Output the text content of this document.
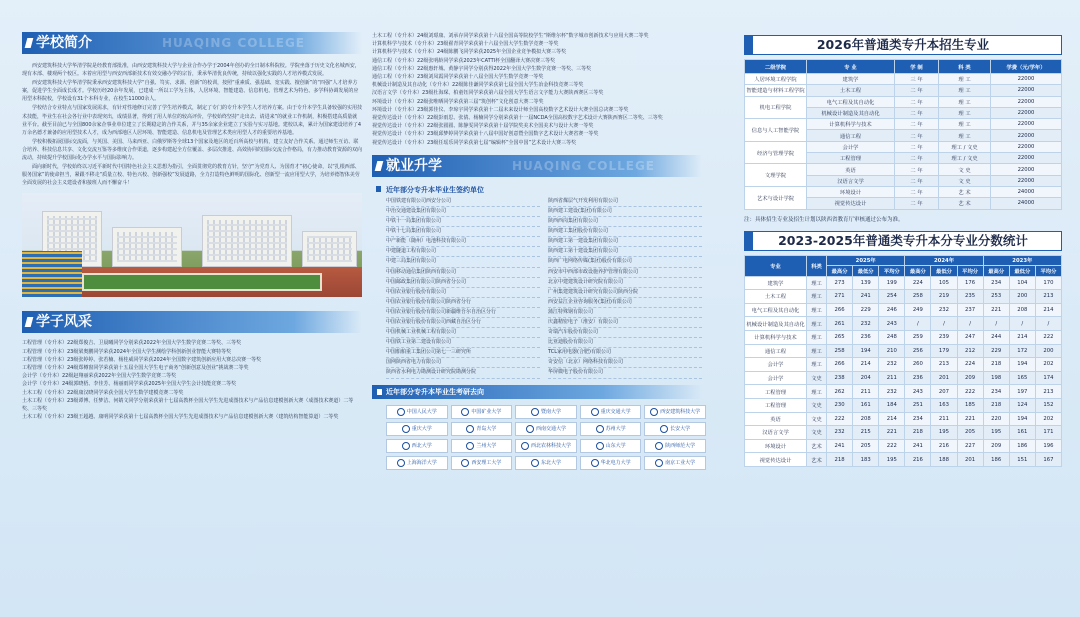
学校简介	HUAQING COLLEGE

西安建筑科技大学华清学院是经教育部批准，由西安建筑科技大学与企业合作办学于2004年创办的全日制本科院校。学院坐落于历史文化名城西安，现有本部、楼观两个校区。本着应用型与西安西部新技术有效交融办学的宗旨，秉承华清优良传统，持续以强化实践的人才培养模式发展。

西安建筑科技大学华清学院秉承西安建筑科技大学“自强、笃实、求源、创新”的校训，按照“重素质、强基础、宽实践、擅创新”的“四强”人才培养方案，促进学生全面成长成才。学校历经20余年发展，已建成一所以工学为主体，人居环境、智能建造、信息机电、管理艺术为特色、多学科协调发展的应用型本科院校，学校设有31个本科专业，在校生11000余人。

学校结合专业特点与国家发展需求，有针对性地修订完善了学生培养模式，制定了专门的专升本学生人才培养方案。由于专升本学生具备较强的实用技术技能，毕业生在社会各行业中表现突出，成绩显著，得到了用人单位的较高评价，学校始终坚持“走出去、请进来”的就业工作机制，积极搭建高质量就业平台。截至目前已与全国800余家企事业单位建立了长期稳定的合作关系，并与35余家企业建立了实验与实习基地。建校以来，累计为国家建设培养了4万余名德才兼备的应用型技术人才，成为西部地区人居环境、智能建造、信息机电及管理艺术类应用型人才的重要培养基地。

学校积极拓展国际交流面，与英国、美国、马来西亚、白俄罗斯等全球13个国家及地区的近百所高校与机构，建立友好合作关系。通过师生互访、联合培养、科技信息共享、文化交流互鉴等多维度合作渠道，逐步构建起全方位覆盖、多层次推进、高效协同的国际交流合作格局，有力推动教育资源的双向流动，持续提升学校国际化办学水平与国际影响力。

面向新时代，学校始终以习近平新时代中国特色社会主义思想为指引，全面贯彻党的教育方针，坚守“为党育人、为国育才”初心使命，以“扎根西部、服务国家”的使命担当，紧跟不移走“质量立校、特色兴校、创新强校”发展道路，全力打造特色鲜明的国际化、创新型一流应用型大学，为培养德智体美劳全面发展的社会主义建设者和接班人而不懈奋斗！

学子风采

工程管理（专升本）22级郑俊吉、卫晨曦同学分别荣获2022年全国大学生数学竞赛二等奖、三等奖

工程管理（专升本）23级梁奥鹏同学荣获2024年全国大学生测绘学科创新创业智能大赛特等奖

工程管理（专升本）23级张婷婷、张若楠、杨桂威同学荣获2024年全国数字建筑创新应用大赛总决赛一等奖

工程管理（专升本）24级郑樽窗同学荣获第十五届全国大学生电子商务“创新创意及创业”挑战赛二等奖

会计学（专升本）22级赵翔丽荣获2022年全国大学生数学竞赛二等奖

会计学（专升本）24级郭晓梧、李佳芳、杨丽雨同学荣获2025年全国大学生会计技能竞赛二等奖

土木工程（专升本）22级康汉晓同学荣获全国大学生数学建模竞赛二等奖

土木工程（专升本）23级谭博、任梦洁、何婧文同学分别荣获第十七届高教杯全国大学生先进成图技术与产品信息建模创新大赛（成图技术赛道）二等奖、三等奖

土木工程（专升本）23级王超越、康明同学荣获第十七届高教杯全国大学生先进成图技术与产品信息建模创新大赛（建筑结构智能算道）二等奖

土木工程（专升本）24级刘璟康、刘承存同学荣获第十六届全国高等院校学生“斯维尔杯”数字城市创新技术与应用大赛二等奖

计算机科学与技术（专升本）23级翟青同学荣获第十六届全国大学生数学竞赛一等奖

计算机科学与技术（专升本）24级陈鹏飞同学荣获2025年全国企业竞争模拟大赛三等奖

通信工程（专升本）22级张明龄同学荣获2023年CATTI杯全国翻译大赛决赛三等奖

通信工程（专升本）22级惠轩城、黄静宇同学分别获得2022年全国大学生数学竞赛一等奖、三等奖

通信工程（专升本）23级刘凤霞同学荣获第十八届全国大学生数学竞赛一等奖

机械设计制造及其自动化（专升本）22级陈佳谦同学荣获第七届全国大学生冶金科技竞赛三等奖

汉语言文学（专升本）23级杜海琛、柏童钰同学荣获第六届全国大学生语言文字能力大赛陕西赛区三等奖

环境设计（专升本）22级张唯晒同学荣获第三届“筑创杯”文化创意大赛二等奖

环境设计（专升本）23级郭佳仪、李琼宇同学荣获第十二届未来设计师全国高校数字艺术设计大赛全国总决赛二等奖

视觉传达设计（专升本）22级彭雨思、张倩、杨楠同学分别荣获第十一届NCDA全国高校数字艺术设计大赛陕西赛区二等奖、三等奖

视觉传达设计（专升本）22级张圆圆、陈静雯同学荣获第十届学院奖美术全国美术与设计大赛一等奖

视觉传达设计（专升本）23级邱梦婷同学荣获第十八届中国好创意暨全国数字艺术设计大赛省赛一等奖

视觉传达设计（专升本）23级任瑶乐同学荣获第七届“编辑杯”全国中国”艺术设计大赛三等奖

就业升学	HUAQING COLLEGE
近年部分专升本毕业生签约单位
中国铁建有限公司西安分公司	陕西省煤层气开发利用有限公司
中治交通建设集团有限公司	陕西建工建设(集团)有限公司
中铁十一局集团有限公司	陕西西岗集团有限公司
中铁十七局集团有限公司	陕西建工集团股份有限公司
中产新能（随州）电池科技有限公司	陕西建工第一建设集团有限公司
中建隧道工程有限公司	陕西建工第十建设集团有限公司
中建三局集团有限公司	陕西广电网络传媒(集团)股份有限公司
中国移动通信集团陕西有限公司	西安市中西部市政设施养护管理有限公司
中国邮政集团有限公司陕西省分公司	北京中建建筑设计研究院有限公司
中国农业银行股份有限公司	广州集建建筑设计研究有限公司陕西分院
中国农业银行股份有限公司陕西省分行	西安益江企业咨询服务(集团)有限公司
中国农业银行股份有限公司新疆维吾尔自治区分行	蒲江特殊钢有限公司
中国农业银行股份有限公司西藏自治区分行	庆鑫精密电子（淮安）有限公司
中国机械工业机械工程有限公司	奇瑞汽车股份有限公司
中国铁工业第二建设有限公司	比亚迪股份有限公司
中国船舶重工集团公司第七一三研究所	TCL家用电器(合肥)有限公司
国网陕西省电力有限公司	奇安信（北京）网络科技有限公司
陕西省水利电力勘测设计研究院勘测分院	华屏微电子股份有限公司
近年部分专升本毕业生考研去向
中国人民大学	中国矿业大学	暨南大学	重庆交通大学	西安建筑科技大学
重庆大学	青岛大学	西南交通大学	苏州大学	长安大学
西北大学	兰州大学	西北农林科技大学	山东大学	陕西师范大学
上海海洋大学	西安理工大学	东北大学	华北电力大学	南京工业大学
2026年普通类专升本招生专业
二级学院	专 业	学 制	科 类	学费（元/学年）
人居环境工程学院	建筑学	三 年	理 工	22000
智能建造与材料工程学院	土木工程	二 年	理 工	22000
机电工程学院	电气工程及其自动化	二 年	理 工	22000
	机械设计制造及其自动化	二 年	理 工	22000
信息与人工智能学院	计算机科学与技术	二 年	理 工	22000
	通信工程	二 年	理 工	22000
经济与管理学院	会计学	二 年	理工 / 文史	22000
	工程管理	二 年	理工 / 文史	22000
文理学院	英语	二 年	文 史	22000
	汉语言文学	二 年	文 史	22000
艺术与设计学院	环境设计	二 年	艺 术	24000
	视觉传达设计	二 年	艺 术	24000
注：具体招生专业及招生计划以陕西省教育厅审核通过公布为准。
2023-2025年普通类专升本分专业分数统计
专业	科类	2025年			2024年			2023年		
		最高分	最低分	平均分	最高分	最低分	平均分	最高分	最低分	平均分
建筑学	理工	273	139	199	224	105	176	234	104	170
土木工程	理工	271	241	254	258	219	235	253	200	213
电气工程及其自动化	理工	266	229	246	249	232	237	221	208	214
机械设计制造及其自动化	理工	261	232	243	/	/	/	/	/	/
计算机科学与技术	理工	265	236	248	259	239	247	244	214	222
通信工程	理工	258	194	210	256	179	212	229	172	200
会计学	理工	266	214	232	260	213	224	218	194	202
会计学	文史	238	204	211	236	201	209	198	165	174
工程管理	理工	262	211	232	243	207	222	234	197	213
工程管理	文史	230	161	184	251	163	185	218	124	152
英语	文史	222	208	214	234	211	221	220	194	202
汉语言文学	文史	232	215	221	218	195	205	195	161	171
环境设计	艺术	241	205	222	241	216	227	209	186	196
视觉传达设计	艺术	218	183	195	216	188	201	186	151	167
